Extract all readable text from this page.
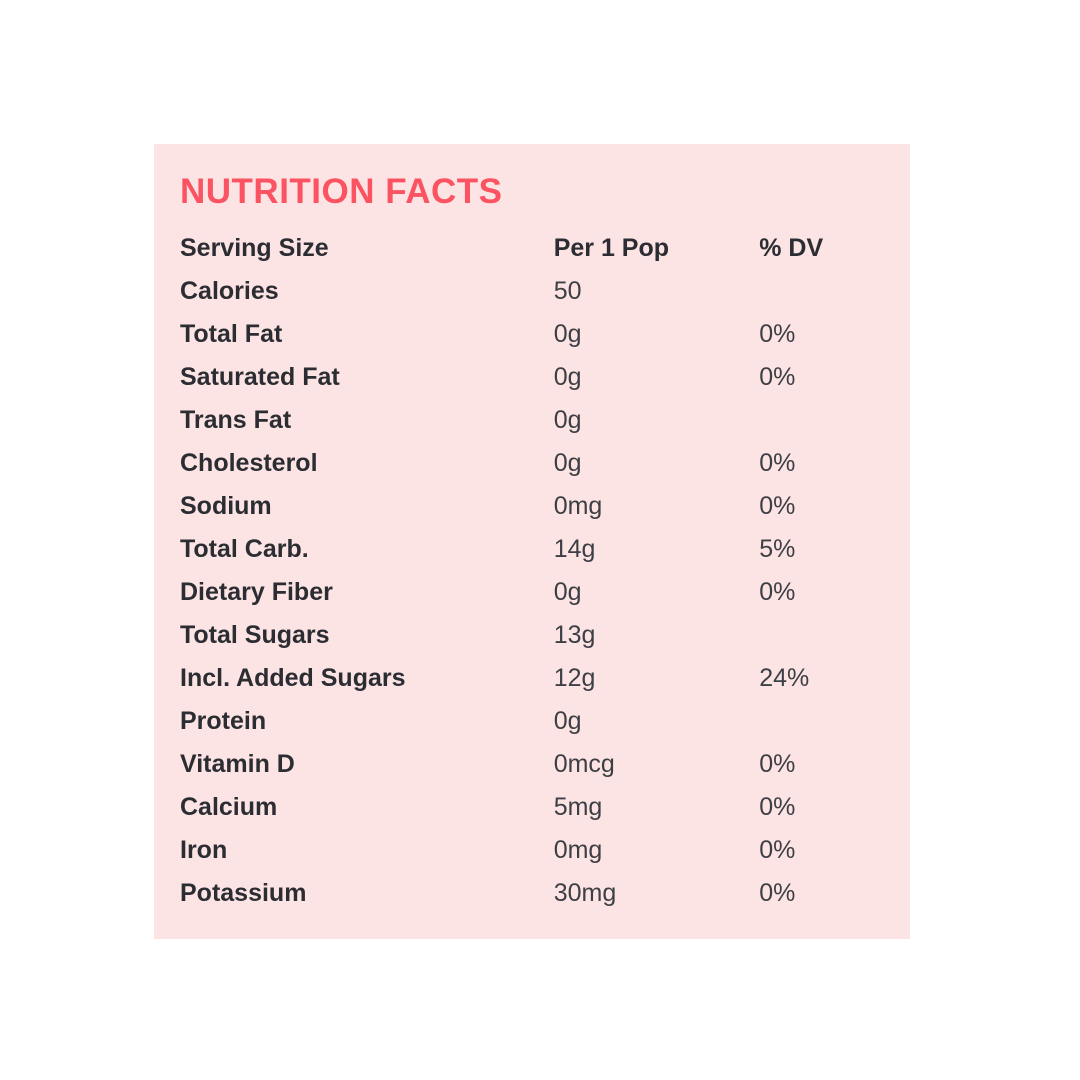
NUTRITION FACTS
Serving Size	Per 1 Pop	% DV
Calories	50
Total Fat	0g	0%
Saturated Fat	0g	0%
Trans Fat	0g
Cholesterol	0g	0%
Sodium	0mg	0%
Total Carb.	14g	5%
Dietary Fiber	0g	0%
Total Sugars	13g
Incl. Added Sugars	12g	24%
Protein	0g
Vitamin D	0mcg	0%
Calcium	5mg	0%
Iron	0mg	0%
Potassium	30mg	0%
